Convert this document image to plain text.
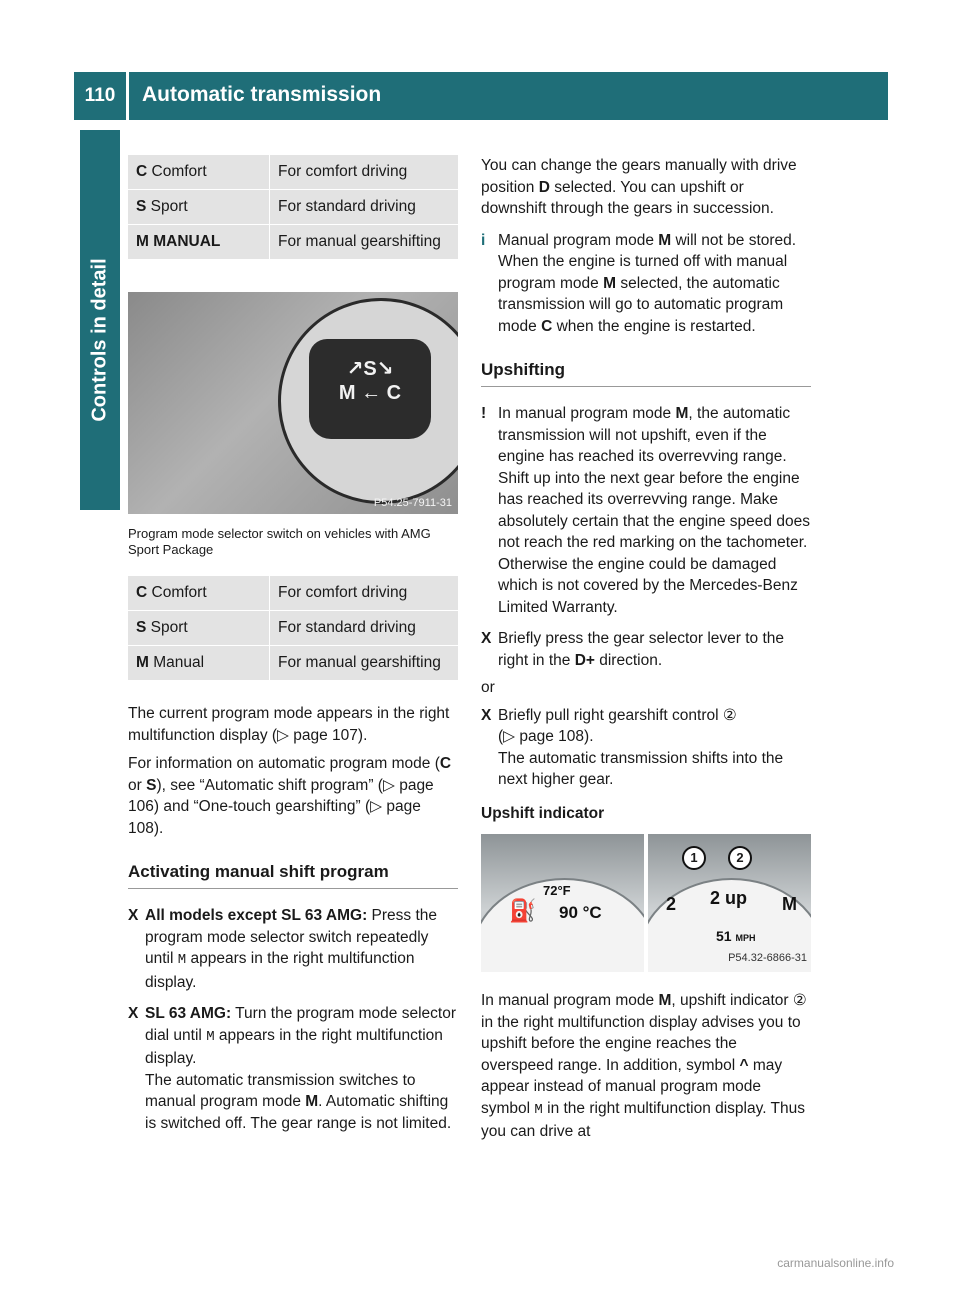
110	Automatic transmission
Controls in detail
C Comfort	For comfort driving
S Sport	For standard driving
M MANUAL	For manual gearshifting
↗S↘
M ← C
P54.25-7911-31

Program mode selector switch on vehicles with AMG Sport Package

C Comfort	For comfort driving
S Sport	For standard driving
M Manual	For manual gearshifting

The current program mode appears in the right multifunction display (▷ page 107).

For information on automatic program mode (C or S), see “Automatic shift program” (▷ page 106) and “One-touch gearshifting” (▷ page 108).

Activating manual shift program
X All models except SL 63 AMG: Press the program mode selector switch repeatedly until M appears in the right multifunction display.
X SL 63 AMG: Turn the program mode selector dial until M appears in the right multifunction display.
The automatic transmission switches to manual program mode M. Automatic shifting is switched off. The gear range is not limited.

You can change the gears manually with drive position D selected. You can upshift or downshift through the gears in succession.

i Manual program mode M will not be stored. When the engine is turned off with manual program mode M selected, the automatic transmission will go to automatic program mode C when the engine is restarted.
Upshifting
! In manual program mode M, the automatic transmission will not upshift, even if the engine has reached its overrevving range. Shift up into the next gear before the engine has reached its overrevving range. Make absolutely certain that the engine speed does not reach the red marking on the tachometer. Otherwise the engine could be damaged which is not covered by the Mercedes-Benz Limited Warranty.
X Briefly press the gear selector lever to the right in the D+ direction.

or

X Briefly pull right gearshift control ②
(▷ page 108).
The automatic transmission shifts into the next higher gear.

Upshift indicator

72°F
⛽ 90 °C	2 2 up M
51 MPH
1	2
P54.32-6866-31

In manual program mode M, upshift indicator ② in the right multifunction display advises you to upshift before the engine reaches the overspeed range. In addition, symbol ^ may appear instead of manual program mode symbol M in the right multifunction display. Thus you can drive at

carmanualsonline.info
